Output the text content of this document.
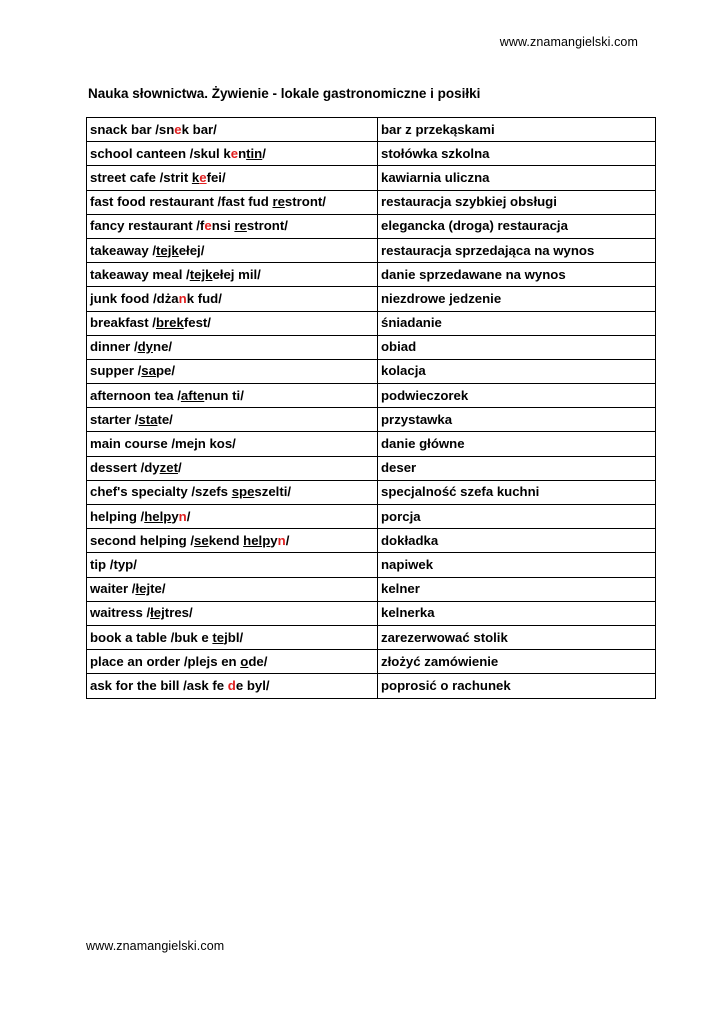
www.znamangielski.com
Nauka słownictwa. Żywienie - lokale gastronomiczne i posiłki
snack bar /snek bar/	bar z przekąskami
school canteen /skul kentin/	stołówka szkolna
street cafe /strit kefei/	kawiarnia uliczna
fast food restaurant /fast fud restront/	restauracja szybkiej obsługi
fancy restaurant /fensi restront/	elegancka (droga) restauracja
takeaway /tejkełej/	restauracja sprzedająca na wynos
takeaway meal /tejkełej mil/	danie sprzedawane na wynos
junk food /dżank fud/	niezdrowe jedzenie
breakfast /brekfest/	śniadanie
dinner /dyne/	obiad
supper /sape/	kolacja
afternoon tea /aftenun ti/	podwieczorek
starter /state/	przystawka
main course /mejn kos/	danie główne
dessert /dyzet/	deser
chef's specialty /szefs speszelti/	specjalność szefa kuchni
helping /helpyn/	porcja
second helping /sekend helpyn/	dokładka
tip /typ/	napiwek
waiter /łejte/	kelner
waitress /łejtres/	kelnerka
book a table /buk e tejbl/	zarezerwować stolik
place an order /plejs en ode/	złożyć zamówienie
ask for the bill /ask fe de byl/	poprosić o rachunek
www.znamangielski.com
